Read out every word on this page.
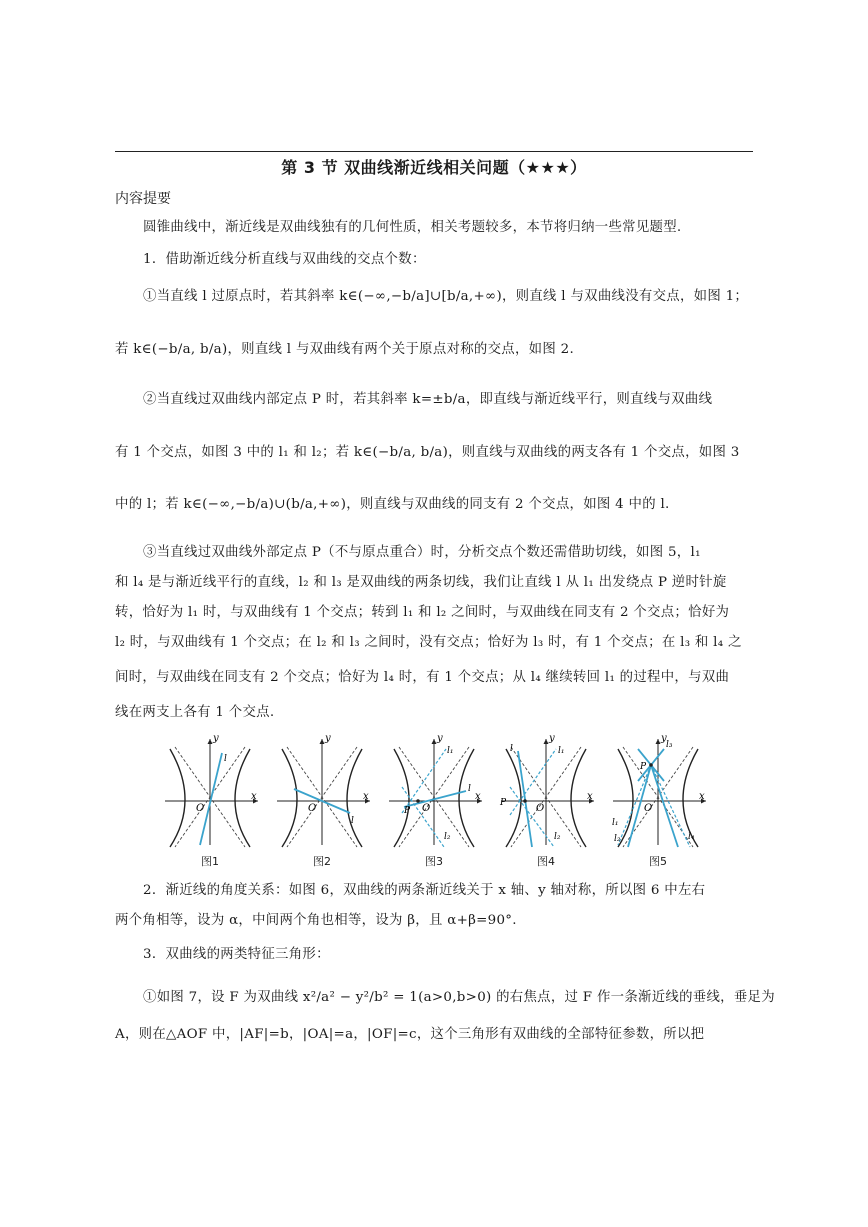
第 3 节 双曲线渐近线相关问题（★★★）
内容提要
圆锥曲线中，渐近线是双曲线独有的几何性质，相关考题较多，本节将归纳一些常见题型.
1．借助渐近线分析直线与双曲线的交点个数：
①当直线 l 过原点时，若其斜率 k∈(−∞,−b/a]∪[b/a,+∞)，则直线 l 与双曲线没有交点，如图 1；
若 k∈(−b/a, b/a)，则直线 l 与双曲线有两个关于原点对称的交点，如图 2.
②当直线过双曲线内部定点 P 时，若其斜率 k=±b/a，即直线与渐近线平行，则直线与双曲线
有 1 个交点，如图 3 中的 l₁ 和 l₂；若 k∈(−b/a, b/a)，则直线与双曲线的两支各有 1 个交点，如图 3
中的 l；若 k∈(−∞,−b/a)∪(b/a,+∞)，则直线与双曲线的同支有 2 个交点，如图 4 中的 l.
③当直线过双曲线外部定点 P（不与原点重合）时，分析交点个数还需借助切线，如图 5，l₁
和 l₄ 是与渐近线平行的直线，l₂ 和 l₃ 是双曲线的两条切线，我们让直线 l 从 l₁ 出发绕点 P 逆时针旋
转，恰好为 l₁ 时，与双曲线有 1 个交点；转到 l₁ 和 l₂ 之间时，与双曲线在同支有 2 个交点；恰好为
l₂ 时，与双曲线有 1 个交点；在 l₂ 和 l₃ 之间时，没有交点；恰好为 l₃ 时，有 1 个交点；在 l₃ 和 l₄ 之
间时，与双曲线在同支有 2 个交点；恰好为 l₄ 时，有 1 个交点；从 l₄ 继续转回 l₁ 的过程中，与双曲
线在两支上各有 1 个交点.
y
x
O
l
图1
y
x
O
l
图2
y
x
O
P
l₁
l₂
l
图3
y
x
O
P
l₁
l₂
l
图4
y
x
O
P
l₁
l₂
l₃
l₄
图5
2．渐近线的角度关系：如图 6，双曲线的两条渐近线关于 x 轴、y 轴对称，所以图 6 中左右
两个角相等，设为 α，中间两个角也相等，设为 β，且 α+β=90°.
3．双曲线的两类特征三角形：
①如图 7，设 F 为双曲线 x²/a² − y²/b² = 1(a>0,b>0) 的右焦点，过 F 作一条渐近线的垂线，垂足为
A，则在△AOF 中，|AF|=b，|OA|=a，|OF|=c，这个三角形有双曲线的全部特征参数，所以把
